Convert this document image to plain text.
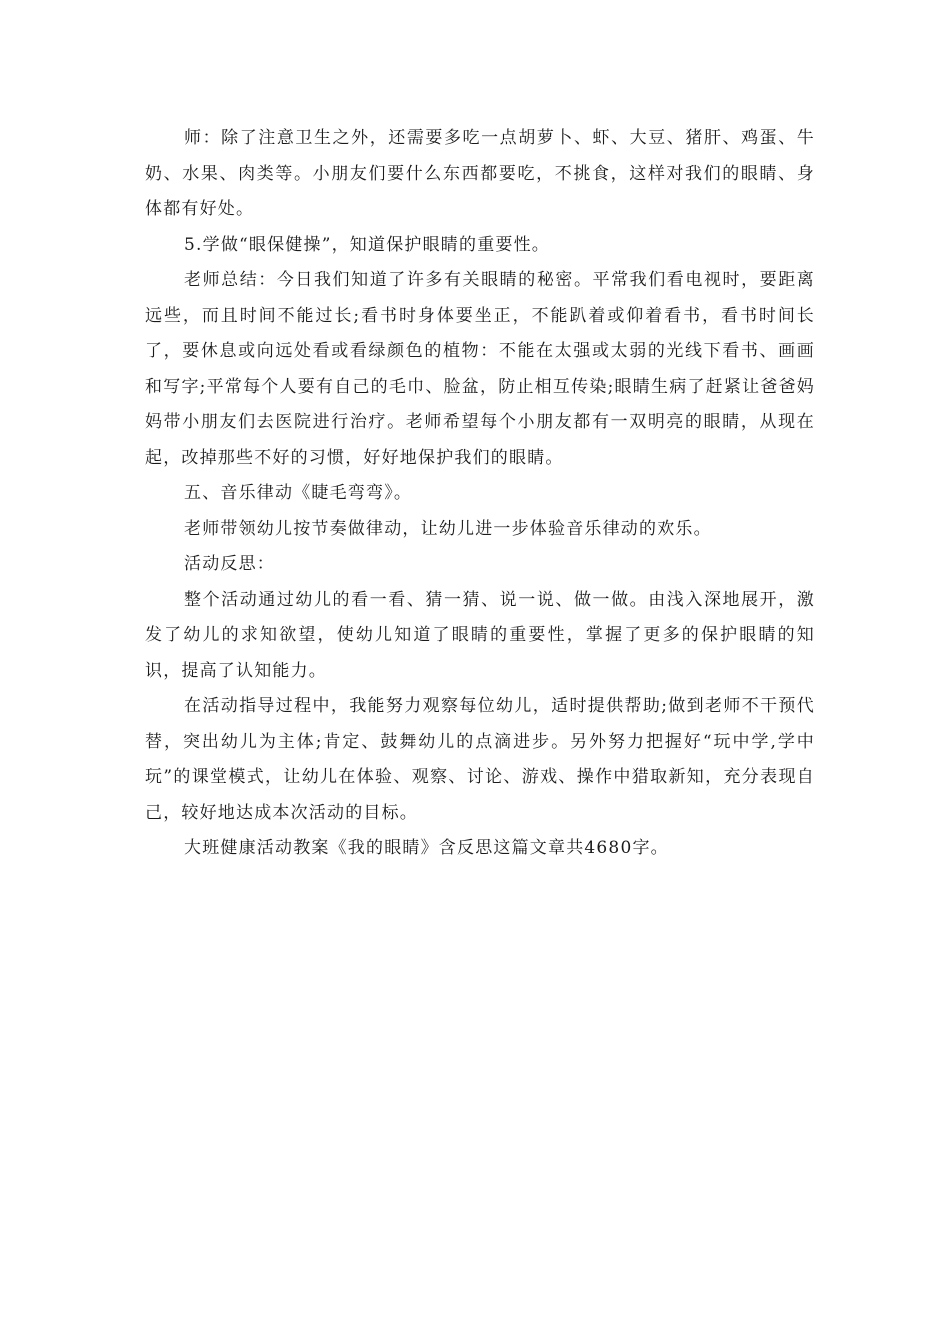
师：除了注意卫生之外，还需要多吃一点胡萝卜、虾、大豆、猪肝、鸡蛋、牛奶、水果、肉类等。小朋友们要什么东西都要吃，不挑食，这样对我们的眼睛、身体都有好处。

5.学做“眼保健操”，知道保护眼睛的重要性。

老师总结：今日我们知道了许多有关眼睛的秘密。平常我们看电视时，要距离远些，而且时间不能过长;看书时身体要坐正，不能趴着或仰着看书，看书时间长了，要休息或向远处看或看绿颜色的植物：不能在太强或太弱的光线下看书、画画和写字;平常每个人要有自己的毛巾、脸盆，防止相互传染;眼睛生病了赶紧让爸爸妈妈带小朋友们去医院进行治疗。老师希望每个小朋友都有一双明亮的眼睛，从现在起，改掉那些不好的习惯，好好地保护我们的眼睛。

五、音乐律动《睫毛弯弯》。

老师带领幼儿按节奏做律动，让幼儿进一步体验音乐律动的欢乐。

活动反思：

整个活动通过幼儿的看一看、猜一猜、说一说、做一做。由浅入深地展开，激发了幼儿的求知欲望，使幼儿知道了眼睛的重要性，掌握了更多的保护眼睛的知识，提高了认知能力。

在活动指导过程中，我能努力观察每位幼儿，适时提供帮助;做到老师不干预代替，突出幼儿为主体;肯定、鼓舞幼儿的点滴进步。另外努力把握好“玩中学,学中玩”的课堂模式，让幼儿在体验、观察、讨论、游戏、操作中猎取新知，充分表现自己，较好地达成本次活动的目标。

大班健康活动教案《我的眼睛》含反思这篇文章共4680字。
